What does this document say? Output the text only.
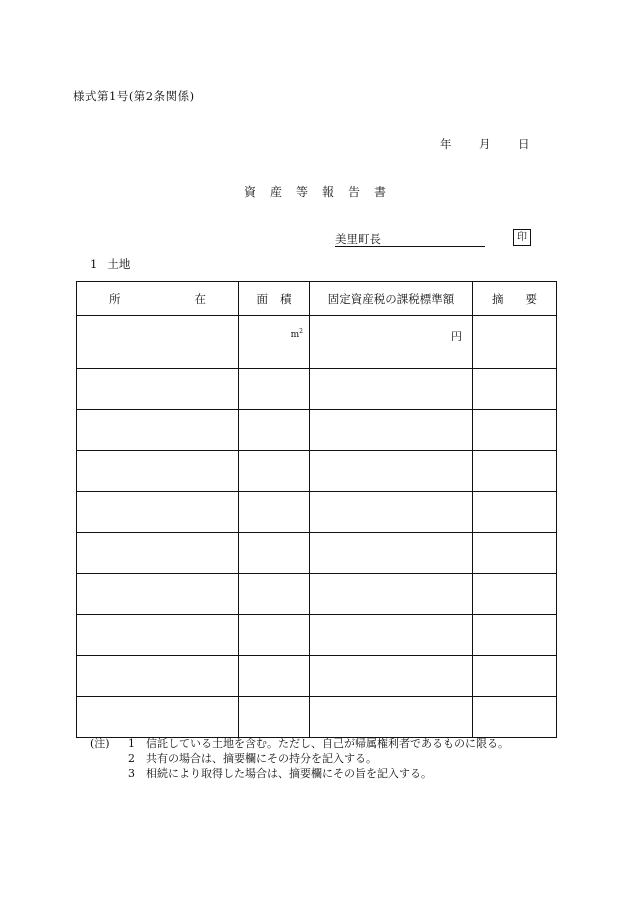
様式第1号(第2条関係)
年 月 日
資 産 等 報 告 書
美里町長	印
1 土地
所 在	面 積	固定資産税の課税標準額	摘 要
	$m^2$	円	

(注)	1	信託している土地を含む。ただし、自己が帰属権利者であるものに限る。
2	共有の場合は、摘要欄にその持分を記入する。
3	相続により取得した場合は、摘要欄にその旨を記入する。
